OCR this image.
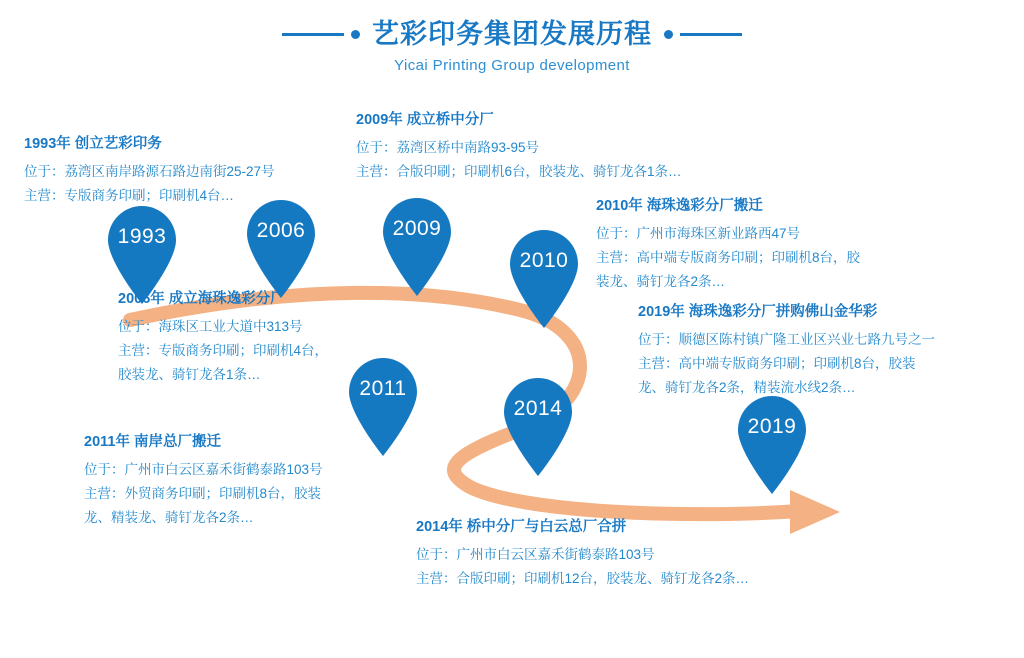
艺彩印务集团发展历程
Yicai Printing Group development
1993	2006	2009
2010
2011
2014
2019
1993年 创立艺彩印务
位于：荔湾区南岸路源石路边南街25-27号
主营：专版商务印刷；印刷机4台…
2006年 成立海珠逸彩分厂
位于：海珠区工业大道中313号
主营：专版商务印刷；印刷机4台，
胶装龙、骑钉龙各1条…
2009年 成立桥中分厂
位于：荔湾区桥中南路93-95号
主营：合版印刷；印刷机6台，胶装龙、骑钉龙各1条…
2010年 海珠逸彩分厂搬迁
位于：广州市海珠区新业路西47号
主营：高中端专版商务印刷；印刷机8台，胶
装龙、骑钉龙各2条…
2011年 南岸总厂搬迁
位于：广州市白云区嘉禾街鹤泰路103号
主营：外贸商务印刷；印刷机8台，胶装
龙、精装龙、骑钉龙各2条…
2014年 桥中分厂与白云总厂合拼
位于：广州市白云区嘉禾街鹤泰路103号
主营：合版印刷；印刷机12台，胶装龙、骑钉龙各2条…
2019年 海珠逸彩分厂拼购佛山金华彩
位于：顺德区陈村镇广隆工业区兴业七路九号之一
主营：高中端专版商务印刷；印刷机8台，胶装
龙、骑钉龙各2条，精装流水线2条…
